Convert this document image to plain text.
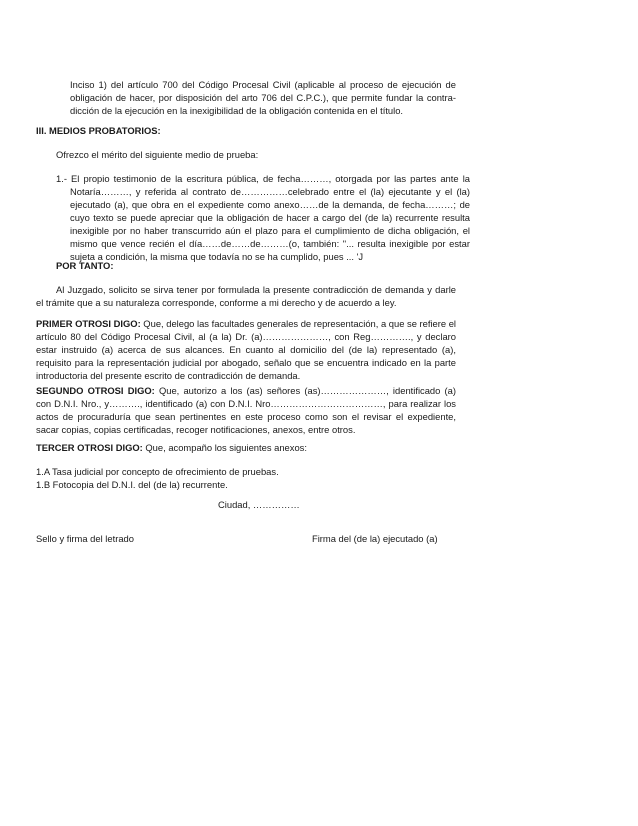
Inciso 1) del artículo 700 del Código Procesal Civil (aplicable al proceso de ejecución de
obligación de hacer, por disposición del arto 706 del C.P.C.), que permite fundar la contra-
dicción de la ejecución en la inexigibilidad de la obligación contenida en el título.
III. MEDIOS PROBATORIOS:
Ofrezco el mérito del siguiente medio de prueba:
1.- El propio testimonio de la escritura pública, de fecha………, otorgada por las partes ante la Notaría………, y referida al contrato de……………celebrado entre el (la) ejecutante y el (la) ejecutado (a), que obra en el expediente como anexo……de la demanda, de fecha………; de cuyo texto se puede apreciar que la obligación de hacer a cargo del (de la) recurrente resulta inexigible por no haber transcurrido aún el plazo para el cumplimiento de dicha obligación, el mismo que vence recién el día……de……de………(o, también: "... resulta inexigible por estar sujeta a condición, la misma que todavía no se ha cumplido, pues ... 'J
POR TANTO:
Al Juzgado, solicito se sirva tener por formulada la presente contradicción de demanda y darle el trámite que a su naturaleza corresponde, conforme a mi derecho y de acuerdo a ley.
PRIMER OTROSI DIGO: Que, delego las facultades generales de representación, a que se refiere el artículo 80 del Código Procesal Civil, al (a la) Dr. (a)…………………, con Reg…………., y declaro estar instruido (a) acerca de sus alcances. En cuanto al domicilio del (de la) representado (a), requisito para la representación judicial por abogado, señalo que se encuentra indicado en la parte introductoria del presente escrito de contradicción de demanda.
SEGUNDO OTROSI DIGO: Que, autorizo a los (as) señores (as)…………………, identificado (a) con D.N.I. Nro., y………., identificado (a) con D.N.I. Nro………………………………, para realizar los actos de procuraduría que sean pertinentes en este proceso como son el revisar el expediente, sacar copias, copias certificadas, recoger notificaciones, anexos, entre otros.
TERCER OTROSI DIGO: Que, acompaño los siguientes anexos:
1.A Tasa judicial por concepto de ofrecimiento de pruebas.
1.B Fotocopia del D.N.I. del (de la) recurrente.
Ciudad, ……………
Sello y firma del letrado	Firma del (de la) ejecutado (a)
